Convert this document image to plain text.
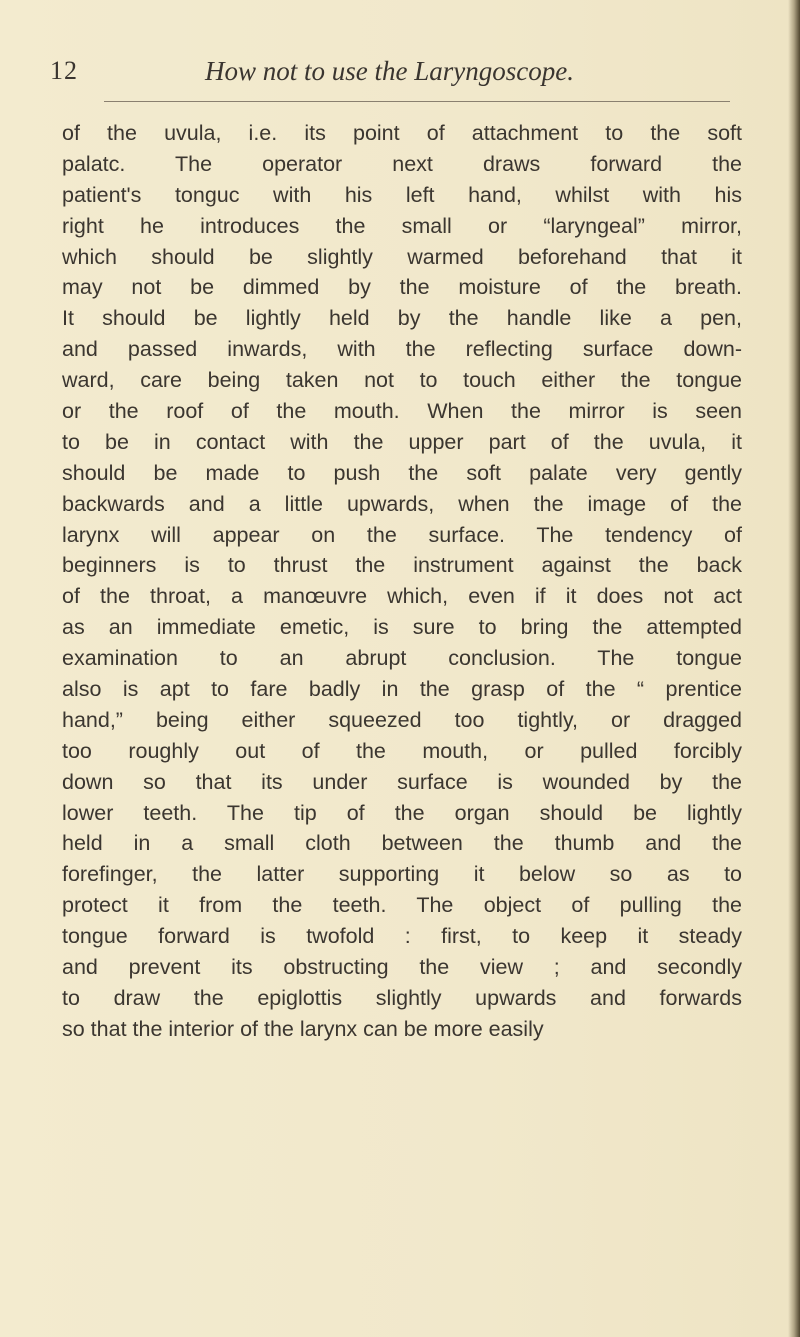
12	How not to use the Laryngoscope.
of the uvula, i.e. its point of attachment to the soft
palatc. The operator next draws forward the
patient's tonguc with his left hand, whilst with his
right he introduces the small or “laryngeal” mirror,
which should be slightly warmed beforehand that it
may not be dimmed by the moisture of the breath.
It should be lightly held by the handle like a pen,
and passed inwards, with the reflecting surface down-
ward, care being taken not to touch either the tongue
or the roof of the mouth. When the mirror is seen
to be in contact with the upper part of the uvula, it
should be made to push the soft palate very gently
backwards and a little upwards, when the image of the
larynx will appear on the surface. The tendency of
beginners is to thrust the instrument against the back
of the throat, a manœuvre which, even if it does not act
as an immediate emetic, is sure to bring the attempted
examination to an abrupt conclusion. The tongue
also is apt to fare badly in the grasp of the “ prentice
hand,” being either squeezed too tightly, or dragged
too roughly out of the mouth, or pulled forcibly
down so that its under surface is wounded by the
lower teeth. The tip of the organ should be lightly
held in a small cloth between the thumb and the
forefinger, the latter supporting it below so as to
protect it from the teeth. The object of pulling the
tongue forward is twofold : first, to keep it steady
and prevent its obstructing the view ; and secondly
to draw the epiglottis slightly upwards and forwards
so that the interior of the larynx can be more easily
